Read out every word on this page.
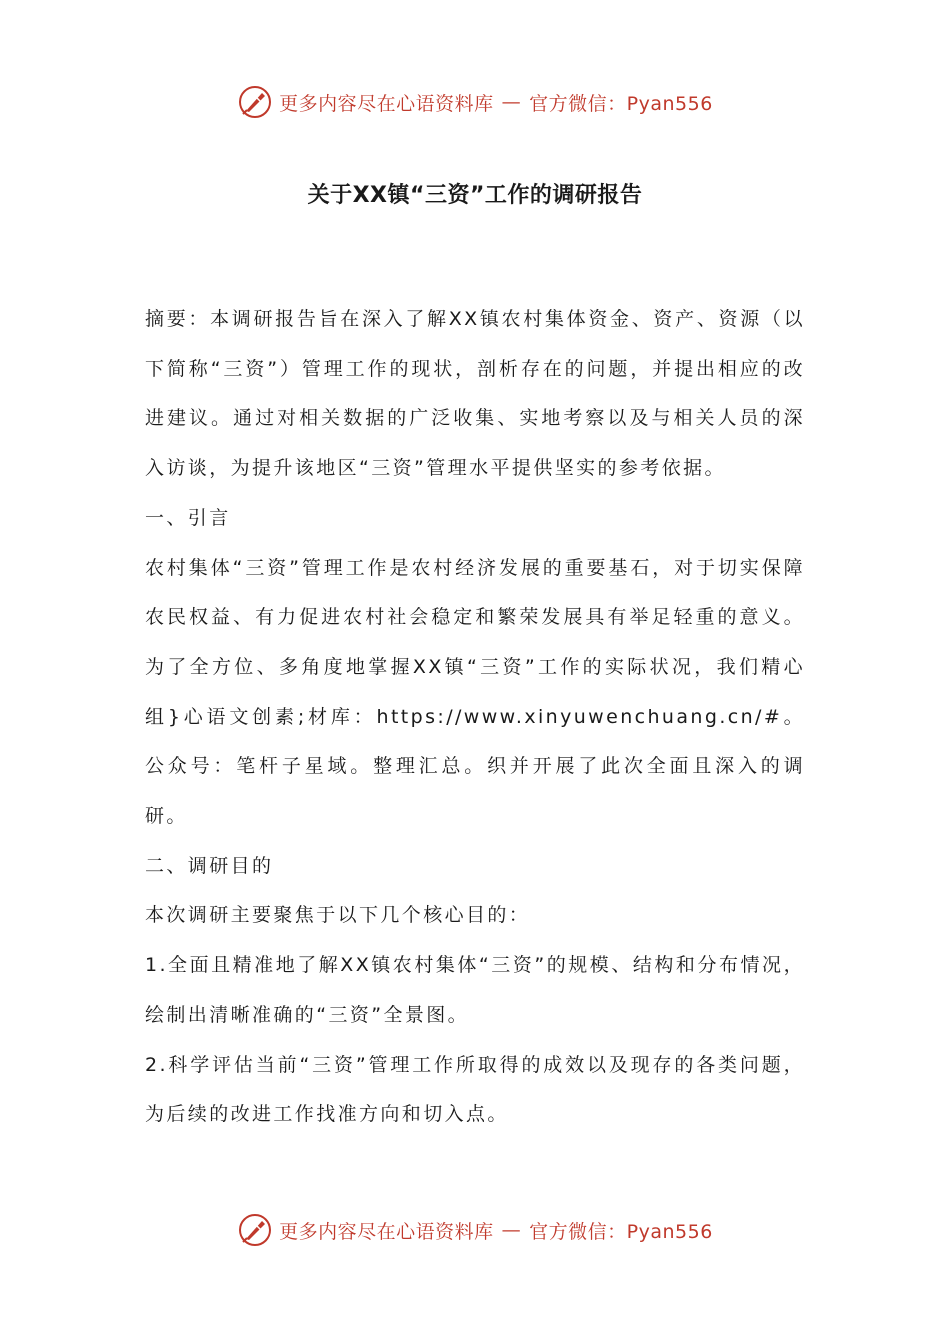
更多内容尽在心语资料库 — 官方微信：Pyan556
关于XX镇“三资”工作的调研报告

摘要：本调研报告旨在深入了解XX镇农村集体资金、资产、资源（以下简称“三资”）管理工作的现状，剖析存在的问题，并提出相应的改进建议。通过对相关数据的广泛收集、实地考察以及与相关人员的深入访谈，为提升该地区“三资”管理水平提供坚实的参考依据。

一、引言

农村集体“三资”管理工作是农村经济发展的重要基石，对于切实保障农民权益、有力促进农村社会稳定和繁荣发展具有举足轻重的意义。为了全方位、多角度地掌握XX镇“三资”工作的实际状况，我们精心组}心语文创素;材库：https://www.xinyuwenchuang.cn/#。公众号：笔杆子星域。整理汇总。织并开展了此次全面且深入的调研。

二、调研目的

本次调研主要聚焦于以下几个核心目的：

1.全面且精准地了解XX镇农村集体“三资”的规模、结构和分布情况，绘制出清晰准确的“三资”全景图。

2.科学评估当前“三资”管理工作所取得的成效以及现存的各类问题，为后续的改进工作找准方向和切入点。

更多内容尽在心语资料库 — 官方微信：Pyan556
